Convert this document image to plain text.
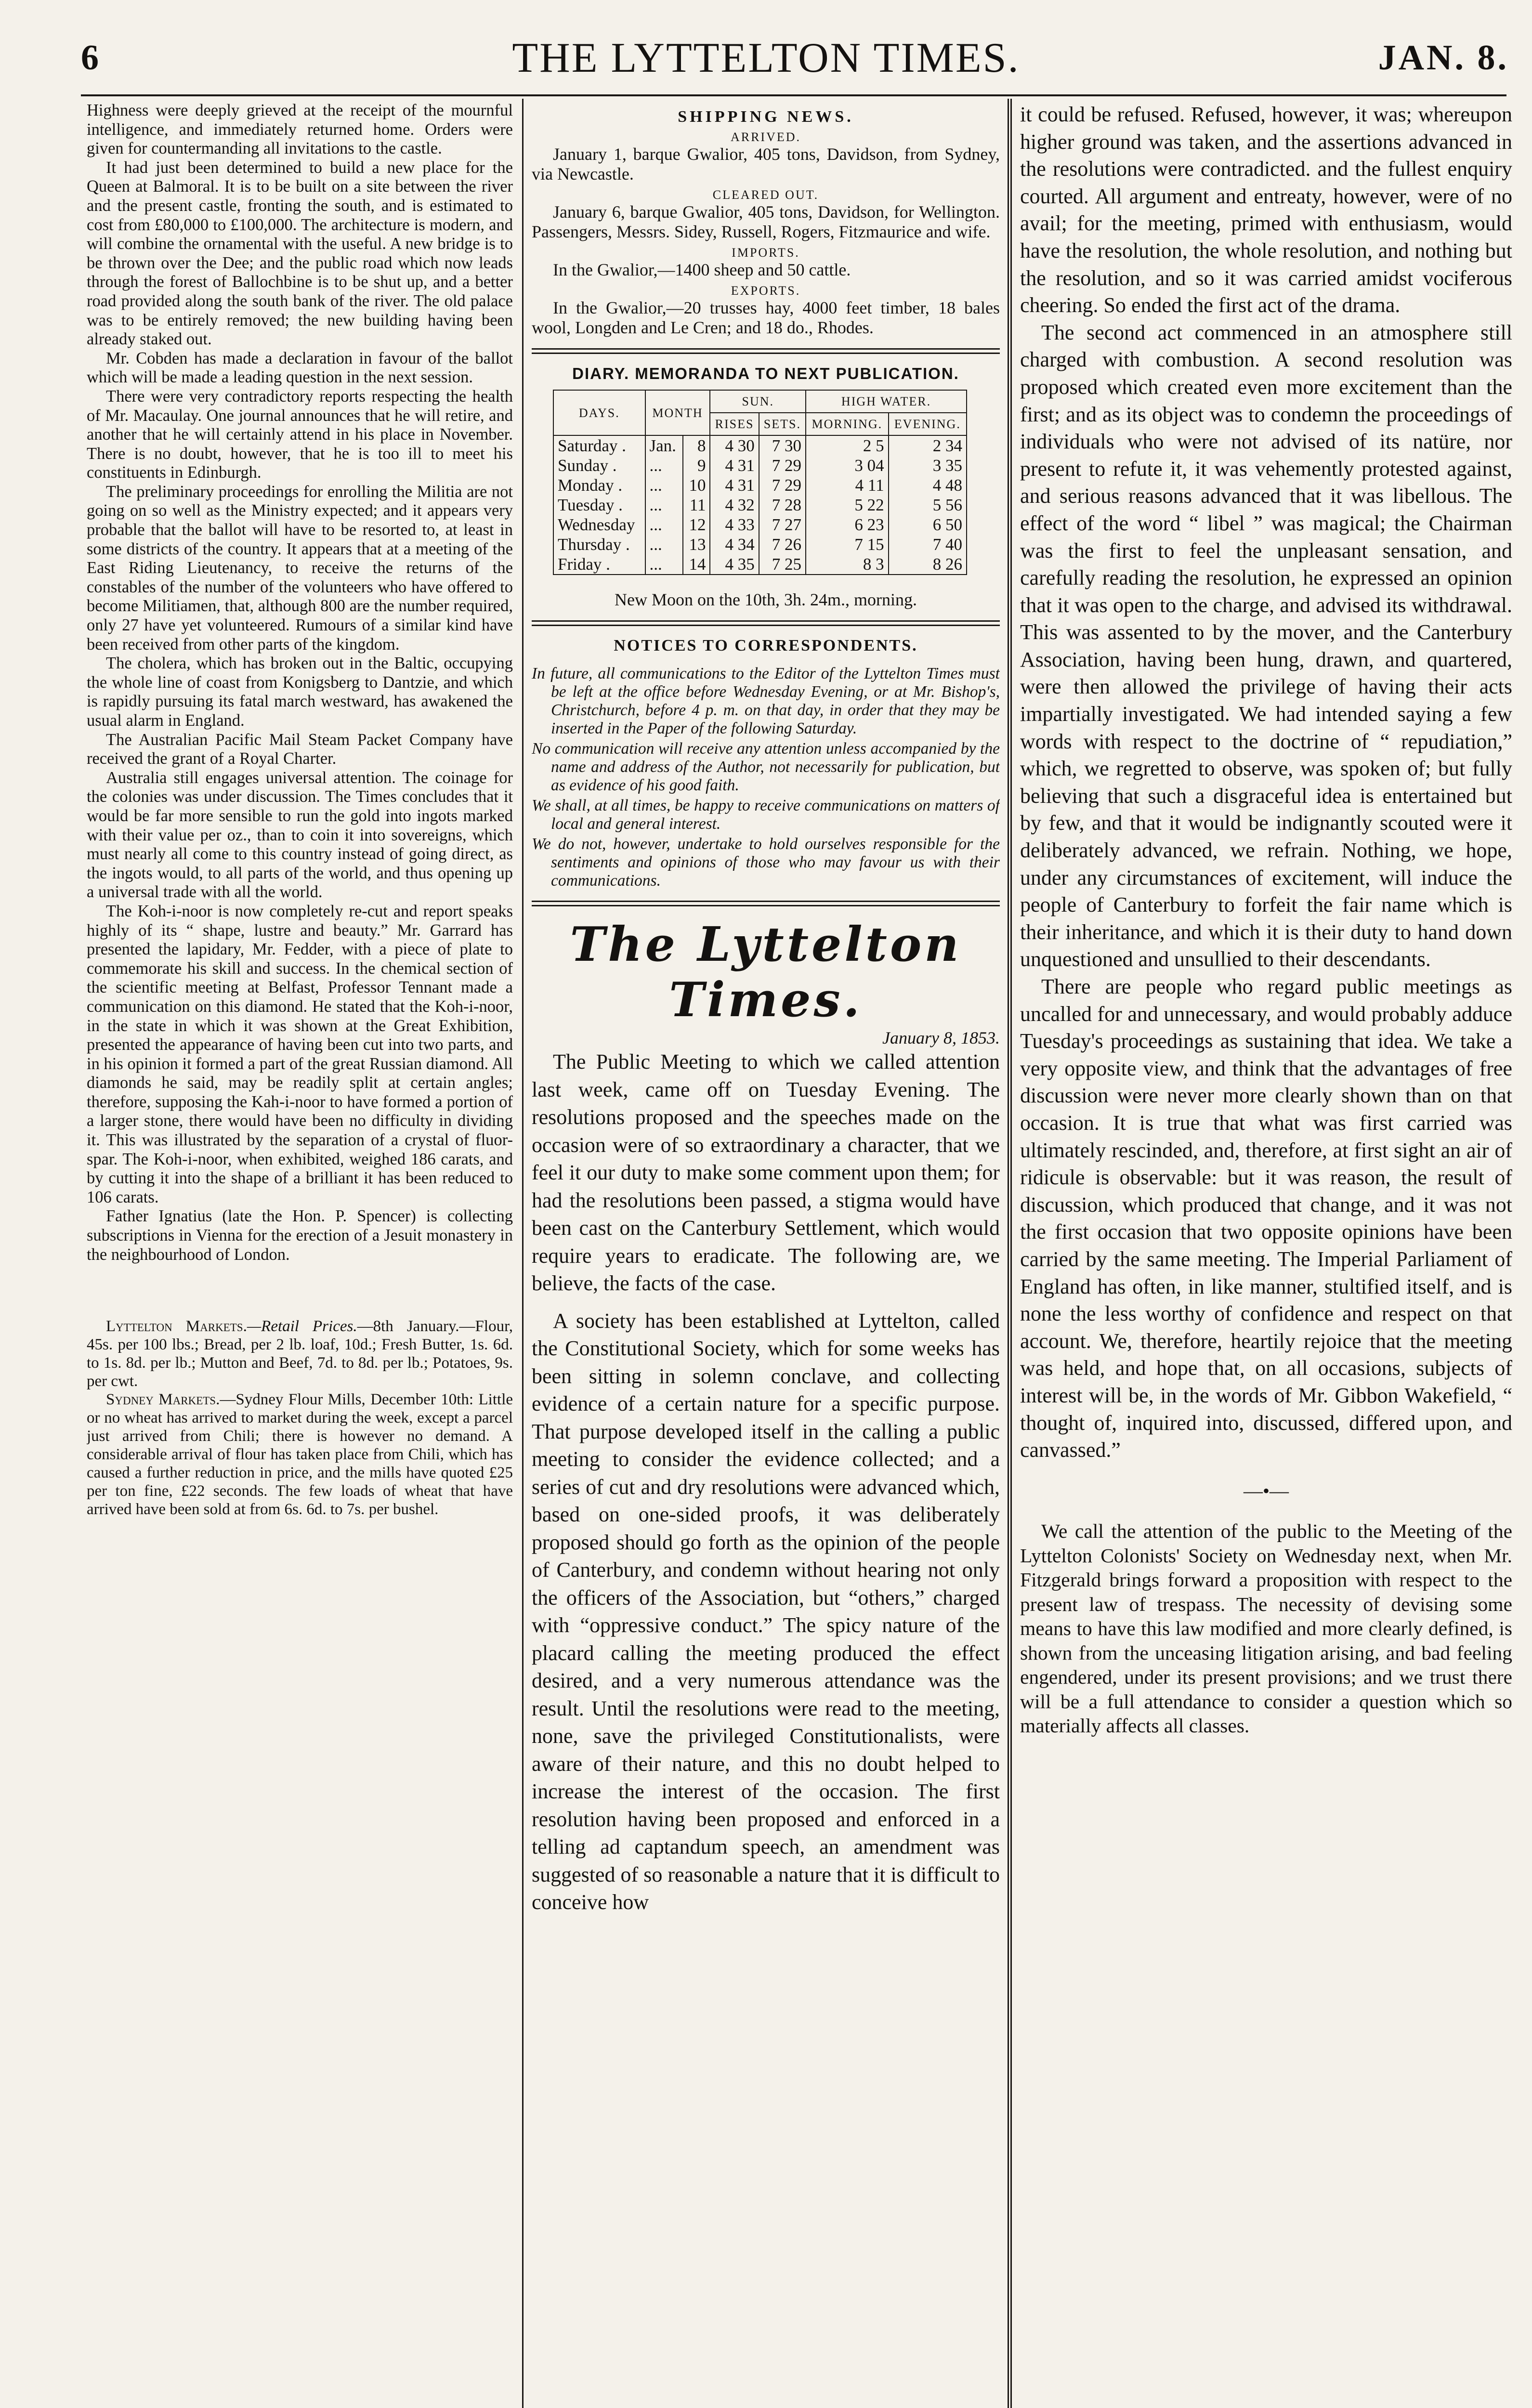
THE LYTTELTON TIMES.
6	JAN. 8.

Highness were deeply grieved at the receipt of the mournful intelligence, and immediately returned home. Orders were given for countermanding all invitations to the castle.

It had just been determined to build a new place for the Queen at Balmoral. It is to be built on a site between the river and the present castle, fronting the south, and is estimated to cost from £80,000 to £100,000. The architecture is modern, and will combine the ornamental with the useful. A new bridge is to be thrown over the Dee; and the public road which now leads through the forest of Ballochbine is to be shut up, and a better road provided along the south bank of the river. The old palace was to be entirely removed; the new building having been already staked out.

Mr. Cobden has made a declaration in favour of the ballot which will be made a leading question in the next session.

There were very contradictory reports respecting the health of Mr. Macaulay. One journal announces that he will retire, and another that he will certainly attend in his place in November. There is no doubt, however, that he is too ill to meet his constituents in Edinburgh.

The preliminary proceedings for enrolling the Militia are not going on so well as the Ministry expected; and it appears very probable that the ballot will have to be resorted to, at least in some districts of the country. It appears that at a meeting of the East Riding Lieutenancy, to receive the returns of the constables of the number of the volunteers who have offered to become Militiamen, that, although 800 are the number required, only 27 have yet volunteered. Rumours of a similar kind have been received from other parts of the kingdom.

The cholera, which has broken out in the Baltic, occupying the whole line of coast from Konigsberg to Dantzie, and which is rapidly pursuing its fatal march westward, has awakened the usual alarm in England.

The Australian Pacific Mail Steam Packet Company have received the grant of a Royal Charter.

Australia still engages universal attention. The coinage for the colonies was under discussion. The Times concludes that it would be far more sensible to run the gold into ingots marked with their value per oz., than to coin it into sovereigns, which must nearly all come to this country instead of going direct, as the ingots would, to all parts of the world, and thus opening up a universal trade with all the world.

The Koh-i-noor is now completely re-cut and report speaks highly of its “ shape, lustre and beauty.” Mr. Garrard has presented the lapidary, Mr. Fedder, with a piece of plate to commemorate his skill and success. In the chemical section of the scientific meeting at Belfast, Professor Tennant made a communication on this diamond. He stated that the Koh-i-noor, in the state in which it was shown at the Great Exhibition, presented the appearance of having been cut into two parts, and in his opinion it formed a part of the great Russian diamond. All diamonds he said, may be readily split at certain angles; therefore, supposing the Kah-i-noor to have formed a portion of a larger stone, there would have been no difficulty in dividing it. This was illustrated by the separation of a crystal of fluor-spar. The Koh-i-noor, when exhibited, weighed 186 carats, and by cutting it into the shape of a brilliant it has been reduced to 106 carats.

Father Ignatius (late the Hon. P. Spencer) is collecting subscriptions in Vienna for the erection of a Jesuit monastery in the neighbourhood of London.

Lyttelton Markets.—Retail Prices.—8th January.—Flour, 45s. per 100 lbs.; Bread, per 2 lb. loaf, 10d.; Fresh Butter, 1s. 6d. to 1s. 8d. per lb.; Mutton and Beef, 7d. to 8d. per lb.; Potatoes, 9s. per cwt.

Sydney Markets.—Sydney Flour Mills, December 10th: Little or no wheat has arrived to market during the week, except a parcel just arrived from Chili; there is however no demand. A considerable arrival of flour has taken place from Chili, which has caused a further reduction in price, and the mills have quoted £25 per ton fine, £22 seconds. The few loads of wheat that have arrived have been sold at from 6s. 6d. to 7s. per bushel.

SHIPPING NEWS.
ARRIVED.

January 1, barque Gwalior, 405 tons, Davidson, from Sydney, via Newcastle.

CLEARED OUT.

January 6, barque Gwalior, 405 tons, Davidson, for Wellington. Passengers, Messrs. Sidey, Russell, Rogers, Fitzmaurice and wife.

IMPORTS.

In the Gwalior,—1400 sheep and 50 cattle.

EXPORTS.

In the Gwalior,—20 trusses hay, 4000 feet timber, 18 bales wool, Longden and Le Cren; and 18 do., Rhodes.

DIARY. MEMORANDA TO NEXT PUBLICATION.
DAYS.	MONTH		SUN.		HIGH WATER.	
			RISES	SETS.	MORNING.	EVENING.
Saturday .	Jan.	8	4 30	7 30	2 5	2 34
Sunday .	...	9	4 31	7 29	3 04	3 35
Monday .	...	10	4 31	7 29	4 11	4 48
Tuesday .	...	11	4 32	7 28	5 22	5 56
Wednesday	...	12	4 33	7 27	6 23	6 50
Thursday .	...	13	4 34	7 26	7 15	7 40
Friday .	...	14	4 35	7 25	8 3	8 26
New Moon on the 10th, 3h. 24m., morning.
NOTICES TO CORRESPONDENTS.

In future, all communications to the Editor of the Lyttelton Times must be left at the office before Wednesday Evening, or at Mr. Bishop's, Christchurch, before 4 p. m. on that day, in order that they may be inserted in the Paper of the following Saturday.

No communication will receive any attention unless accompanied by the name and address of the Author, not necessarily for publication, but as evidence of his good faith.

We shall, at all times, be happy to receive communications on matters of local and general interest.

We do not, however, undertake to hold ourselves responsible for the sentiments and opinions of those who may favour us with their communications.

The Lyttelton Times.
January 8, 1853.

The Public Meeting to which we called attention last week, came off on Tuesday Evening. The resolutions proposed and the speeches made on the occasion were of so extraordinary a character, that we feel it our duty to make some comment upon them; for had the resolutions been passed, a stigma would have been cast on the Canterbury Settlement, which would require years to eradicate. The following are, we believe, the facts of the case.

A society has been established at Lyttelton, called the Constitutional Society, which for some weeks has been sitting in solemn conclave, and collecting evidence of a certain nature for a specific purpose. That purpose developed itself in the calling a public meeting to consider the evidence collected; and a series of cut and dry resolutions were advanced which, based on one-sided proofs, it was deliberately proposed should go forth as the opinion of the people of Canterbury, and condemn without hearing not only the officers of the Association, but “others,” charged with “oppressive conduct.” The spicy nature of the placard calling the meeting produced the effect desired, and a very numerous attendance was the result. Until the resolutions were read to the meeting, none, save the privileged Constitutionalists, were aware of their nature, and this no doubt helped to increase the interest of the occasion. The first resolution having been proposed and enforced in a telling ad captandum speech, an amendment was suggested of so reasonable a nature that it is difficult to conceive how

it could be refused. Refused, however, it was; whereupon higher ground was taken, and the assertions advanced in the resolutions were contradicted. and the fullest enquiry courted. All argument and entreaty, however, were of no avail; for the meeting, primed with enthusiasm, would have the resolution, the whole resolution, and nothing but the resolution, and so it was carried amidst vociferous cheering. So ended the first act of the drama.

The second act commenced in an atmosphere still charged with combustion. A second resolution was proposed which created even more excitement than the first; and as its object was to condemn the proceedings of individuals who were not advised of its natüre, nor present to refute it, it was vehemently protested against, and serious reasons advanced that it was libellous. The effect of the word “ libel ” was magical; the Chairman was the first to feel the unpleasant sensation, and carefully reading the resolution, he expressed an opinion that it was open to the charge, and advised its withdrawal. This was assented to by the mover, and the Canterbury Association, having been hung, drawn, and quartered, were then allowed the privilege of having their acts impartially investigated. We had intended saying a few words with respect to the doctrine of “ repudiation,” which, we regretted to observe, was spoken of; but fully believing that such a disgraceful idea is entertained but by few, and that it would be indignantly scouted were it deliberately advanced, we refrain. Nothing, we hope, under any circumstances of excitement, will induce the people of Canterbury to forfeit the fair name which is their inheritance, and which it is their duty to hand down unquestioned and unsullied to their descendants.

There are people who regard public meetings as uncalled for and unnecessary, and would probably adduce Tuesday's proceedings as sustaining that idea. We take a very opposite view, and think that the advantages of free discussion were never more clearly shown than on that occasion. It is true that what was first carried was ultimately rescinded, and, therefore, at first sight an air of ridicule is observable: but it was reason, the result of discussion, which produced that change, and it was not the first occasion that two opposite opinions have been carried by the same meeting. The Imperial Parliament of England has often, in like manner, stultified itself, and is none the less worthy of confidence and respect on that account. We, therefore, heartily rejoice that the meeting was held, and hope that, on all occasions, subjects of interest will be, in the words of Mr. Gibbon Wakefield, “ thought of, inquired into, discussed, differed upon, and canvassed.”

—•—

We call the attention of the public to the Meeting of the Lyttelton Colonists' Society on Wednesday next, when Mr. Fitzgerald brings forward a proposition with respect to the present law of trespass. The necessity of devising some means to have this law modified and more clearly defined, is shown from the unceasing litigation arising, and bad feeling engendered, under its present provisions; and we trust there will be a full attendance to consider a question which so materially affects all classes.
